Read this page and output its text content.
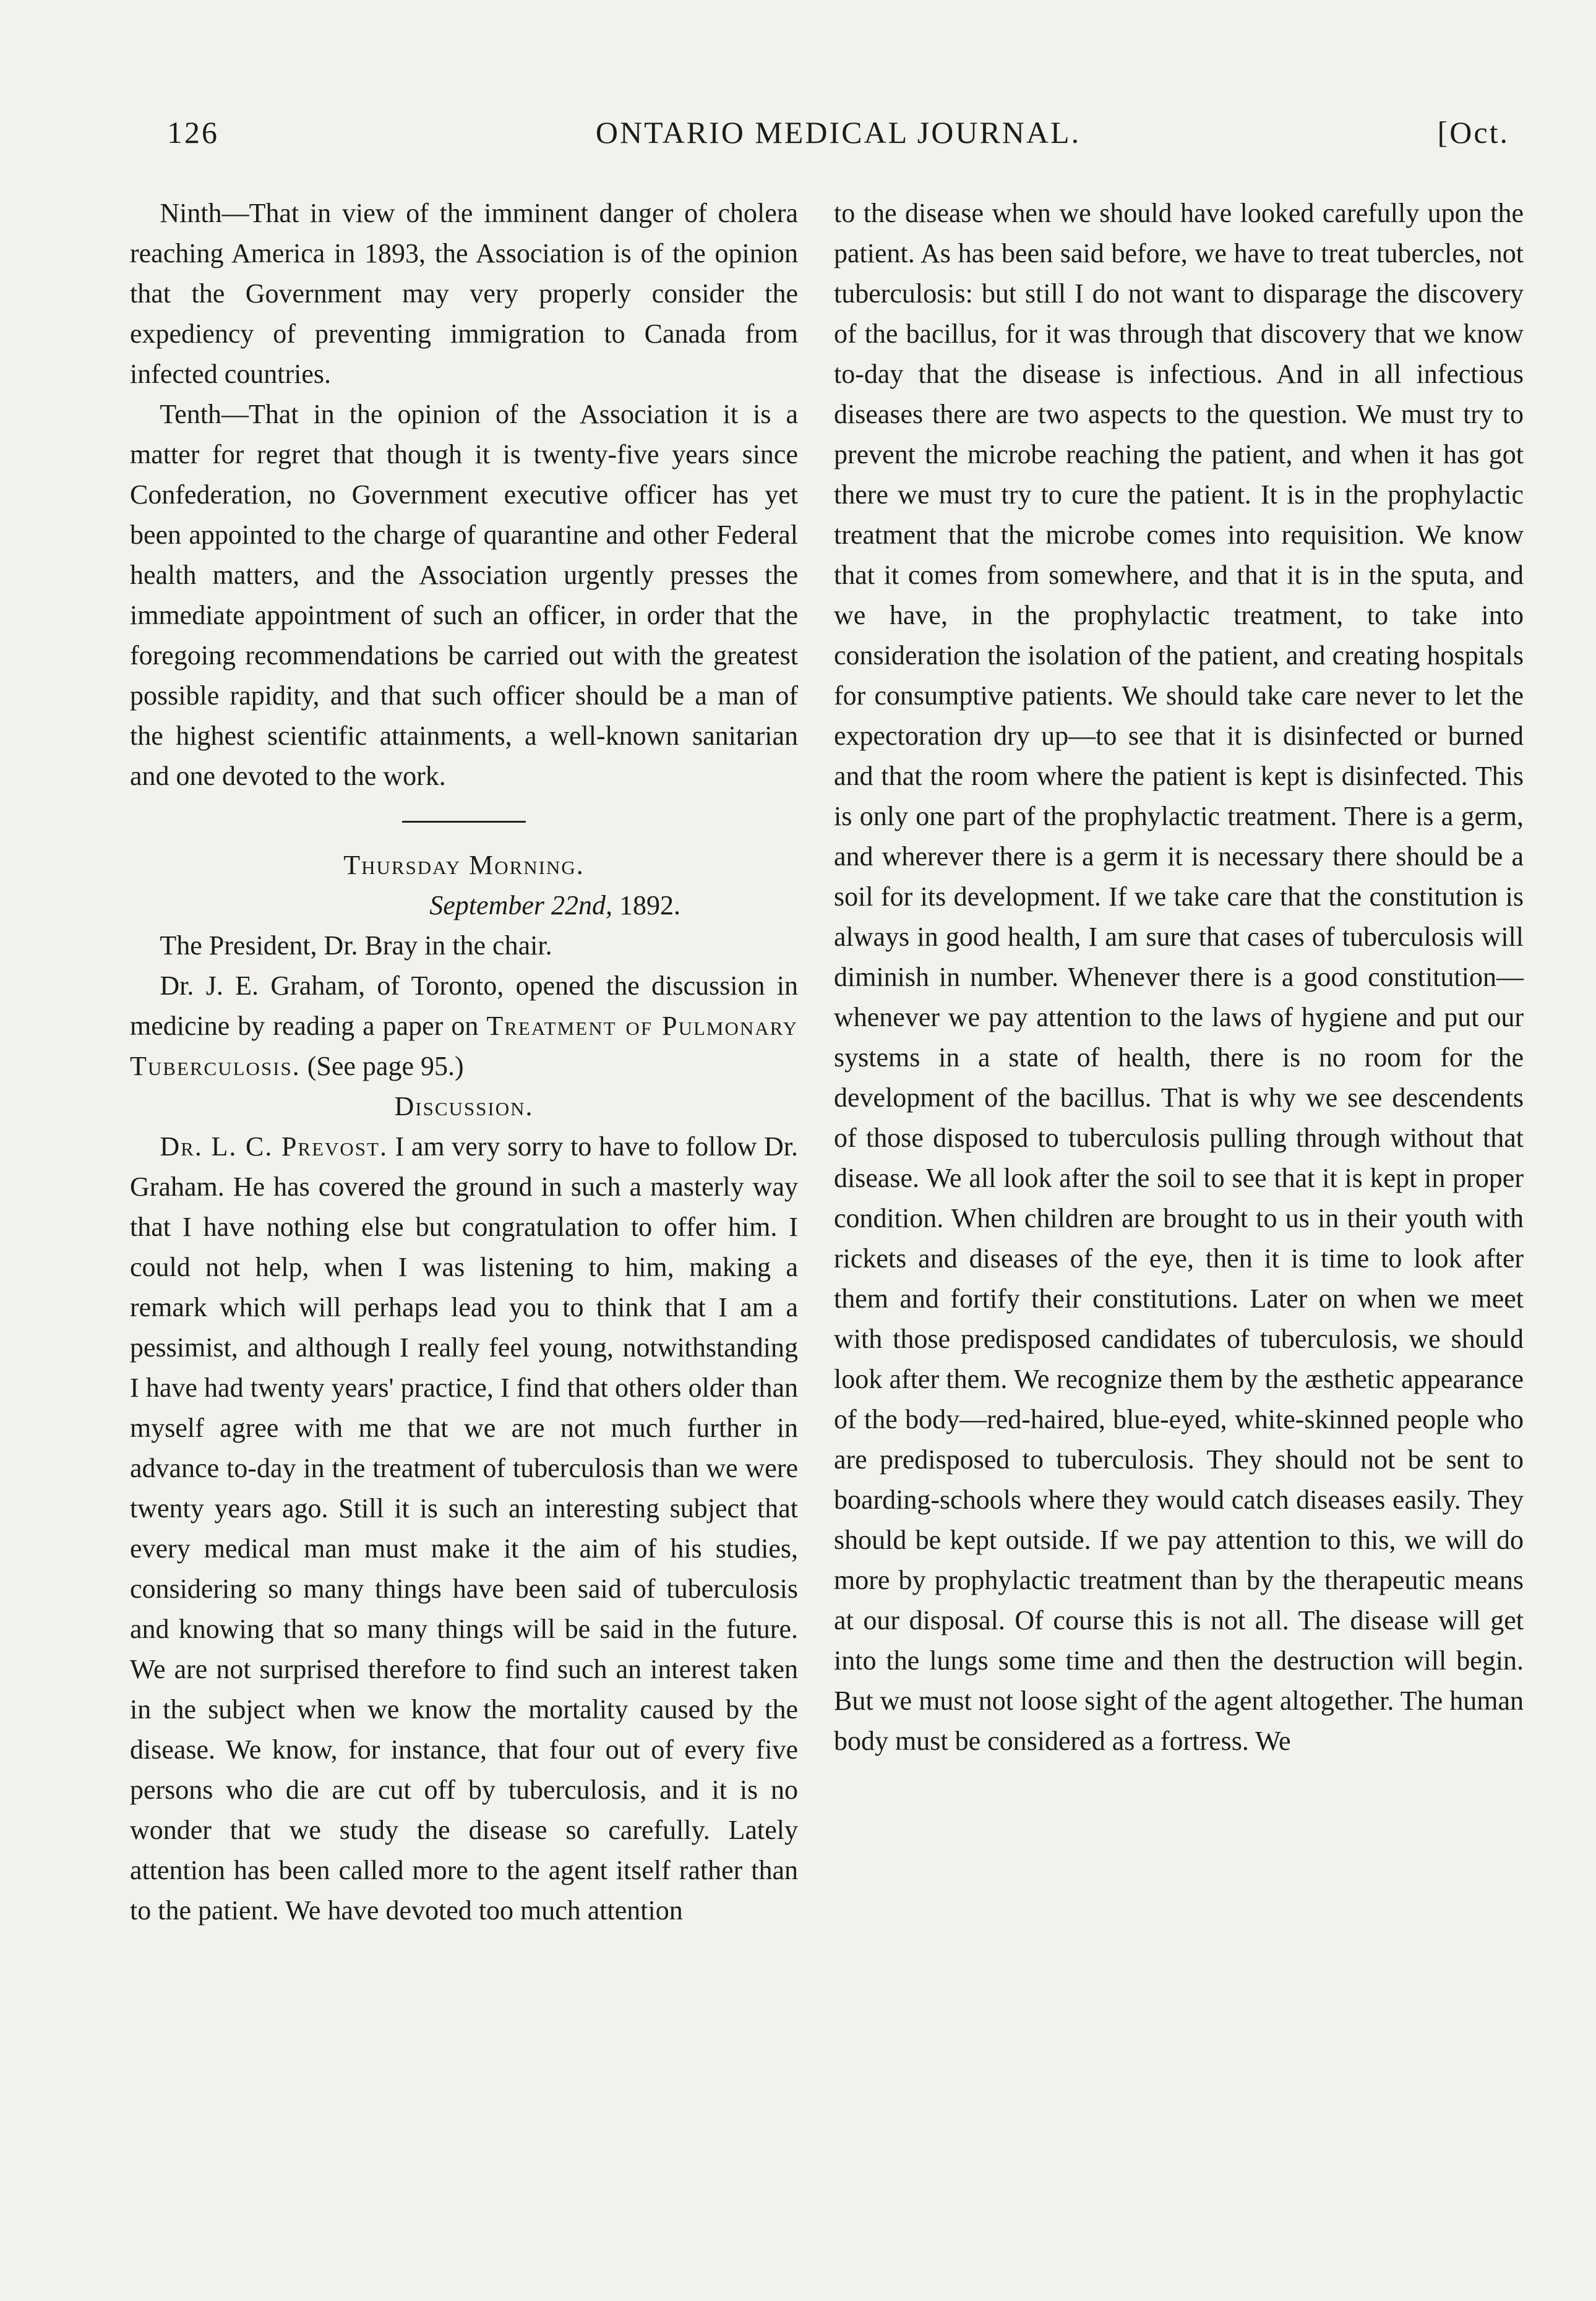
126	ONTARIO MEDICAL JOURNAL.	[Oct.

Ninth—That in view of the imminent danger of cholera reaching America in 1893, the Association is of the opinion that the Government may very properly consider the expediency of preventing immigration to Canada from infected countries.

Tenth—That in the opinion of the Association it is a matter for regret that though it is twenty-five years since Confederation, no Government executive officer has yet been appointed to the charge of quarantine and other Federal health matters, and the Association urgently presses the immediate appointment of such an officer, in order that the foregoing recommendations be carried out with the greatest possible rapidity, and that such officer should be a man of the highest scientific attainments, a well-known sanitarian and one devoted to the work.

Thursday Morning.

September 22nd, 1892.

The President, Dr. Bray in the chair.

Dr. J. E. Graham, of Toronto, opened the discussion in medicine by reading a paper on Treatment of Pulmonary Tuberculosis. (See page 95.)

Discussion.

Dr. L. C. Prevost. I am very sorry to have to follow Dr. Graham. He has covered the ground in such a masterly way that I have nothing else but congratulation to offer him. I could not help, when I was listening to him, making a remark which will perhaps lead you to think that I am a pessimist, and although I really feel young, notwithstanding I have had twenty years' practice, I find that others older than myself agree with me that we are not much further in advance to-day in the treatment of tuberculosis than we were twenty years ago. Still it is such an interesting subject that every medical man must make it the aim of his studies, considering so many things have been said of tuberculosis and knowing that so many things will be said in the future. We are not surprised therefore to find such an interest taken in the subject when we know the mortality caused by the disease. We know, for instance, that four out of every five persons who die are cut off by tuberculosis, and it is no wonder that we study the disease so carefully. Lately attention has been called more to the agent itself rather than to the patient. We have devoted too much attention

to the disease when we should have looked carefully upon the patient. As has been said before, we have to treat tubercles, not tuberculosis: but still I do not want to disparage the discovery of the bacillus, for it was through that discovery that we know to-day that the disease is infectious. And in all infectious diseases there are two aspects to the question. We must try to prevent the microbe reaching the patient, and when it has got there we must try to cure the patient. It is in the prophylactic treatment that the microbe comes into requisition. We know that it comes from somewhere, and that it is in the sputa, and we have, in the prophylactic treatment, to take into consideration the isolation of the patient, and creating hospitals for consumptive patients. We should take care never to let the expectoration dry up—to see that it is disinfected or burned and that the room where the patient is kept is disinfected. This is only one part of the prophylactic treatment. There is a germ, and wherever there is a germ it is necessary there should be a soil for its development. If we take care that the constitution is always in good health, I am sure that cases of tuberculosis will diminish in number. Whenever there is a good constitution—whenever we pay attention to the laws of hygiene and put our systems in a state of health, there is no room for the development of the bacillus. That is why we see descendents of those disposed to tuberculosis pulling through without that disease. We all look after the soil to see that it is kept in proper condition. When children are brought to us in their youth with rickets and diseases of the eye, then it is time to look after them and fortify their constitutions. Later on when we meet with those predisposed candidates of tuberculosis, we should look after them. We recognize them by the æsthetic appearance of the body—red-haired, blue-eyed, white-skinned people who are predisposed to tuberculosis. They should not be sent to boarding-schools where they would catch diseases easily. They should be kept outside. If we pay attention to this, we will do more by prophylactic treatment than by the therapeutic means at our disposal. Of course this is not all. The disease will get into the lungs some time and then the destruction will begin. But we must not loose sight of the agent altogether. The human body must be considered as a fortress. We
